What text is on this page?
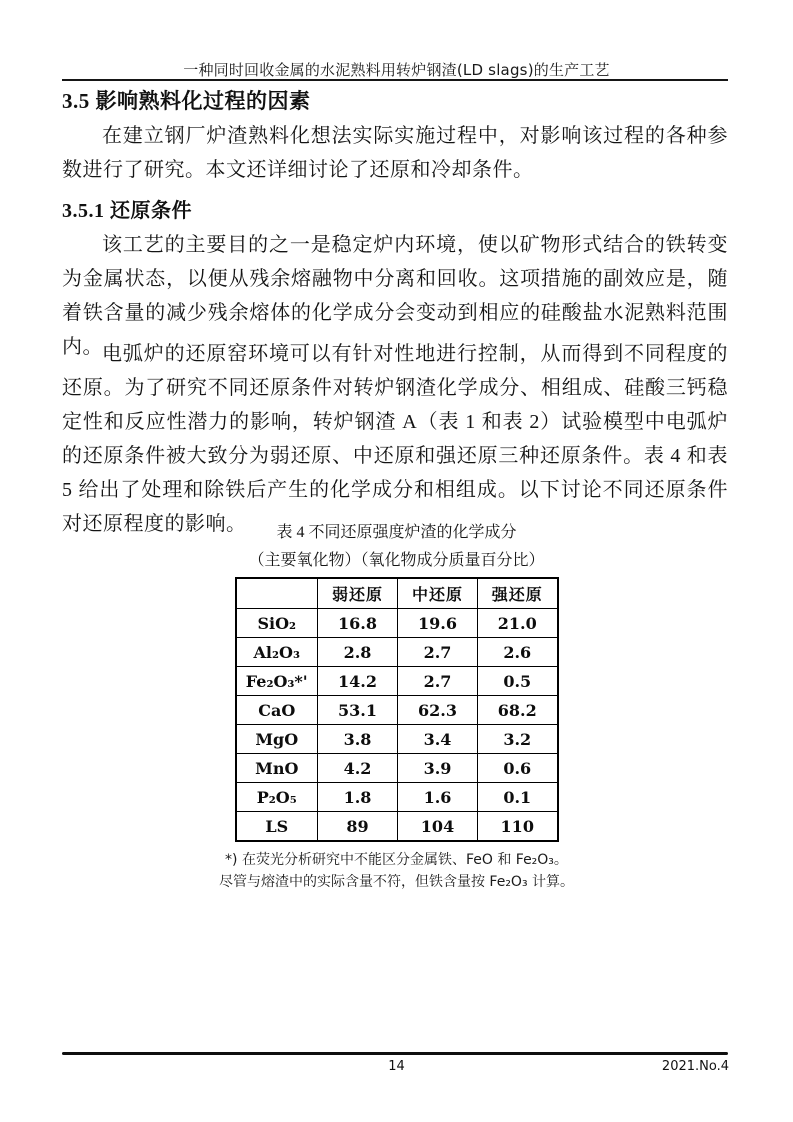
一种同时回收金属的水泥熟料用转炉钢渣(LD slags)的生产工艺
3.5 影响熟料化过程的因素
在建立钢厂炉渣熟料化想法实际实施过程中，对影响该过程的各种参数进行了研究。本文还详细讨论了还原和冷却条件。
3.5.1 还原条件
该工艺的主要目的之一是稳定炉内环境，使以矿物形式结合的铁转变为金属状态，以便从残余熔融物中分离和回收。这项措施的副效应是，随着铁含量的减少残余熔体的化学成分会变动到相应的硅酸盐水泥熟料范围内。 电弧炉的还原窑环境可以有针对性地进行控制，从而得到不同程度的还原。为了研究不同还原条件对转炉钢渣化学成分、相组成、硅酸三钙稳定性和反应性潜力的影响，转炉钢渣 A（表 1 和表 2）试验模型中电弧炉的还原条件被大致分为弱还原、中还原和强还原三种还原条件。表 4 和表 5 给出了处理和除铁后产生的化学成分和相组成。以下讨论不同还原条件对还原程度的影响。	表 4 不同还原强度炉渣的化学成分
（主要氧化物）（氧化物成分质量百分比）
	弱还原	中还原	强还原
SiO₂	16.8	19.6	21.0
Al₂O₃	2.8	2.7	2.6
Fe₂O₃*'	14.2	2.7	0.5
CaO	53.1	62.3	68.2
MgO	3.8	3.4	3.2
MnO	4.2	3.9	0.6
P₂O₅	1.8	1.6	0.1
LS	89	104	110
*) 在荧光分析研究中不能区分金属铁、FeO 和 Fe₂O₃。
尽管与熔渣中的实际含量不符，但铁含量按 Fe₂O₃ 计算。
14	2021.No.4
